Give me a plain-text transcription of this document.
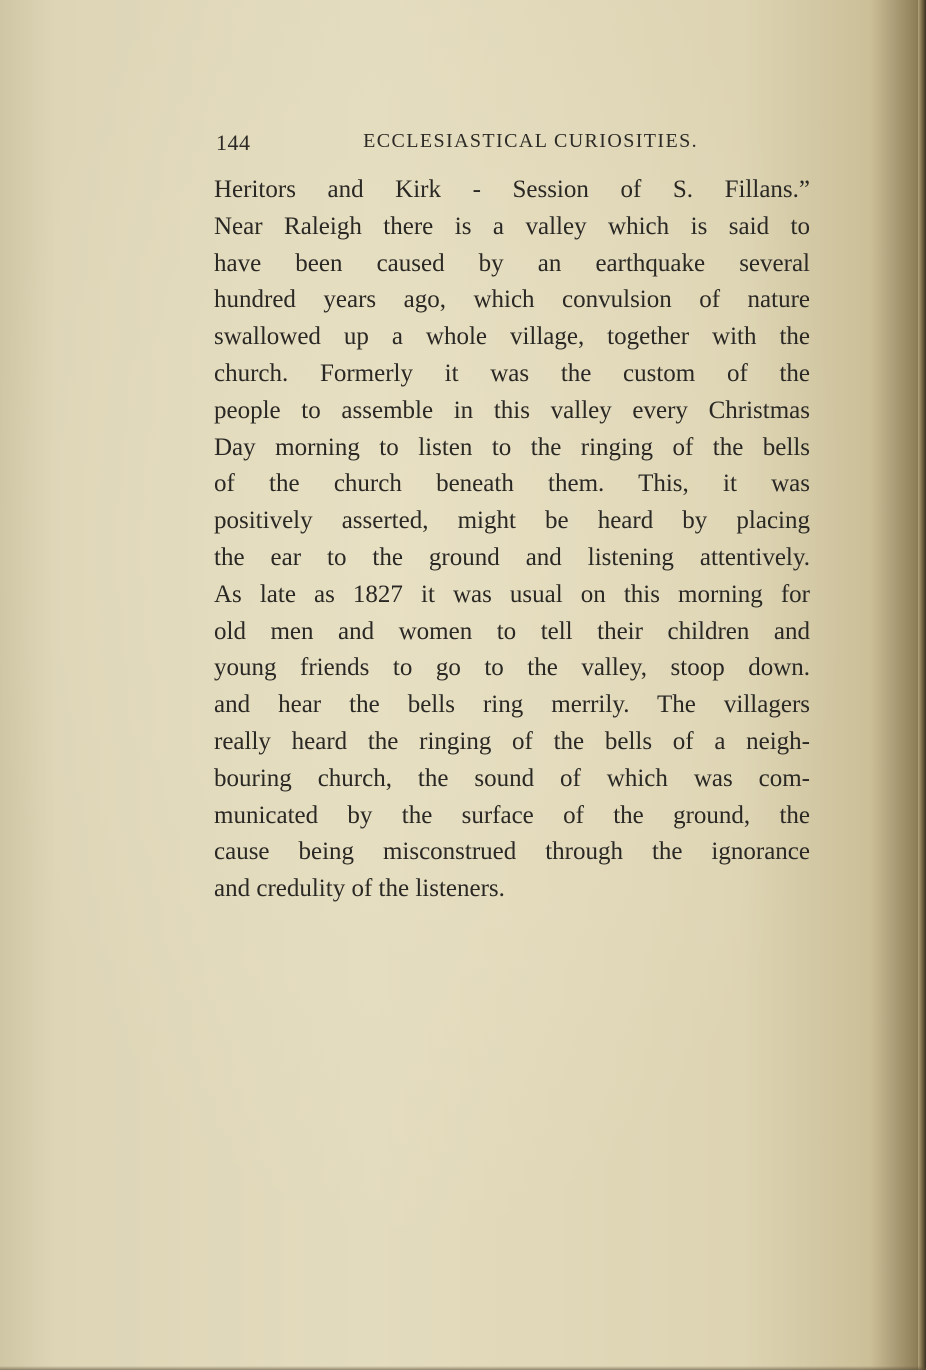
144	ECCLESIASTICAL CURIOSITIES.
Heritors and Kirk - Session of S. Fillans.”
Near Raleigh there is a valley which is said to
have been caused by an earthquake several
hundred years ago, which convulsion of nature
swallowed up a whole village, together with the
church. Formerly it was the custom of the
people to assemble in this valley every Christmas
Day morning to listen to the ringing of the bells
of the church beneath them. This, it was
positively asserted, might be heard by placing
the ear to the ground and listening attentively.
As late as 1827 it was usual on this morning for
old men and women to tell their children and
young friends to go to the valley, stoop down.
and hear the bells ring merrily. The villagers
really heard the ringing of the bells of a neigh-
bouring church, the sound of which was com-
municated by the surface of the ground, the
cause being misconstrued through the ignorance
and credulity of the listeners.
